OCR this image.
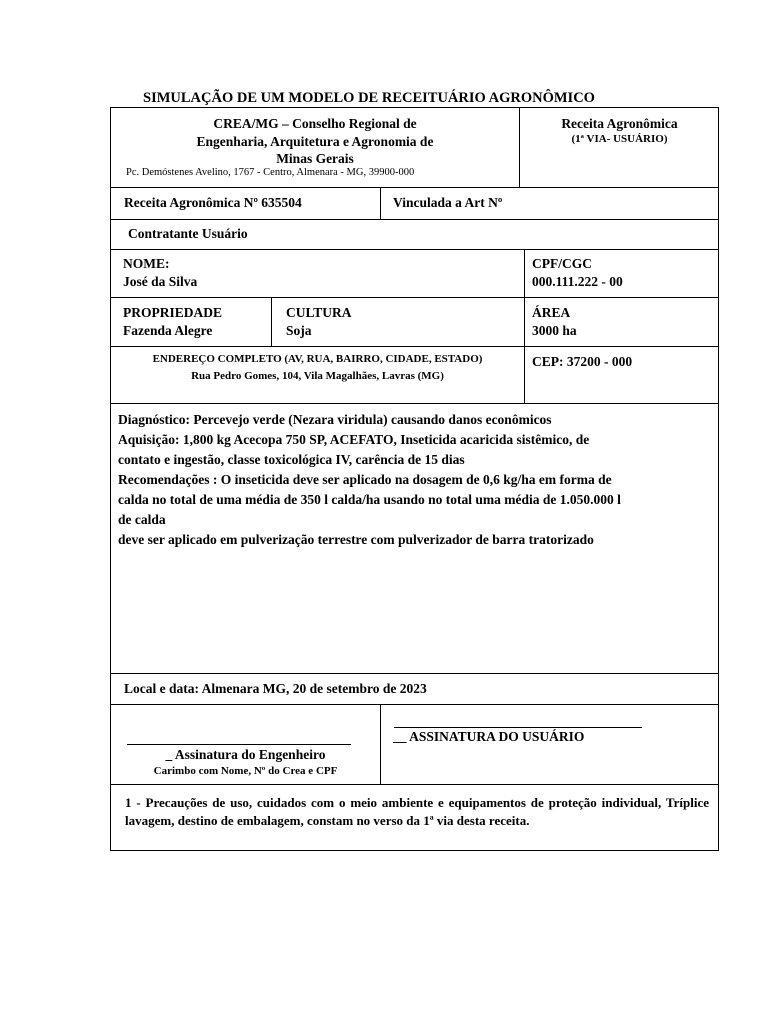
SIMULAÇÃO DE UM MODELO DE RECEITUÁRIO AGRONÔMICO
CREA/MG – Conselho Regional de
Engenharia, Arquitetura e Agronomia de
Minas Gerais
Pc. Demóstenes Avelino, 1767 - Centro, Almenara - MG, 39900-000
Receita Agronômica
(1ª VIA- USUÁRIO)
Receita Agronômica Nº 635504	Vinculada a Art Nº
Contratante Usuário
NOME:
José da Silva
CPF/CGC
000.111.222 - 00
PROPRIEDADE
Fazenda Alegre
CULTURA
Soja
ÁREA
3000 ha
ENDEREÇO COMPLETO (AV, RUA, BAIRRO, CIDADE, ESTADO)
Rua Pedro Gomes, 104, Vila Magalhães, Lavras (MG)
CEP: 37200 - 000
Diagnóstico: Percevejo verde (Nezara viridula) causando danos econômicos
Aquisição: 1,800 kg Acecopa 750 SP, ACEFATO, Inseticida acaricida sistêmico, de
contato e ingestão, classe toxicológica IV, carência de 15 dias
Recomendações : O inseticida deve ser aplicado na dosagem de 0,6 kg/ha em forma de
calda no total de uma média de 350 l calda/ha usando no total uma média de 1.050.000 l
de calda
deve ser aplicado em pulverização terrestre com pulverizador de barra tratorizado
Local e data: Almenara MG, 20 de setembro de 2023
_ Assinatura do Engenheiro
Carimbo com Nome, Nº do Crea e CPF
__ ASSINATURA DO USUÁRIO
1 - Precauções de uso, cuidados com o meio ambiente e equipamentos de proteção individual, Tríplice lavagem, destino de embalagem, constam no verso da 1ª via desta receita.
